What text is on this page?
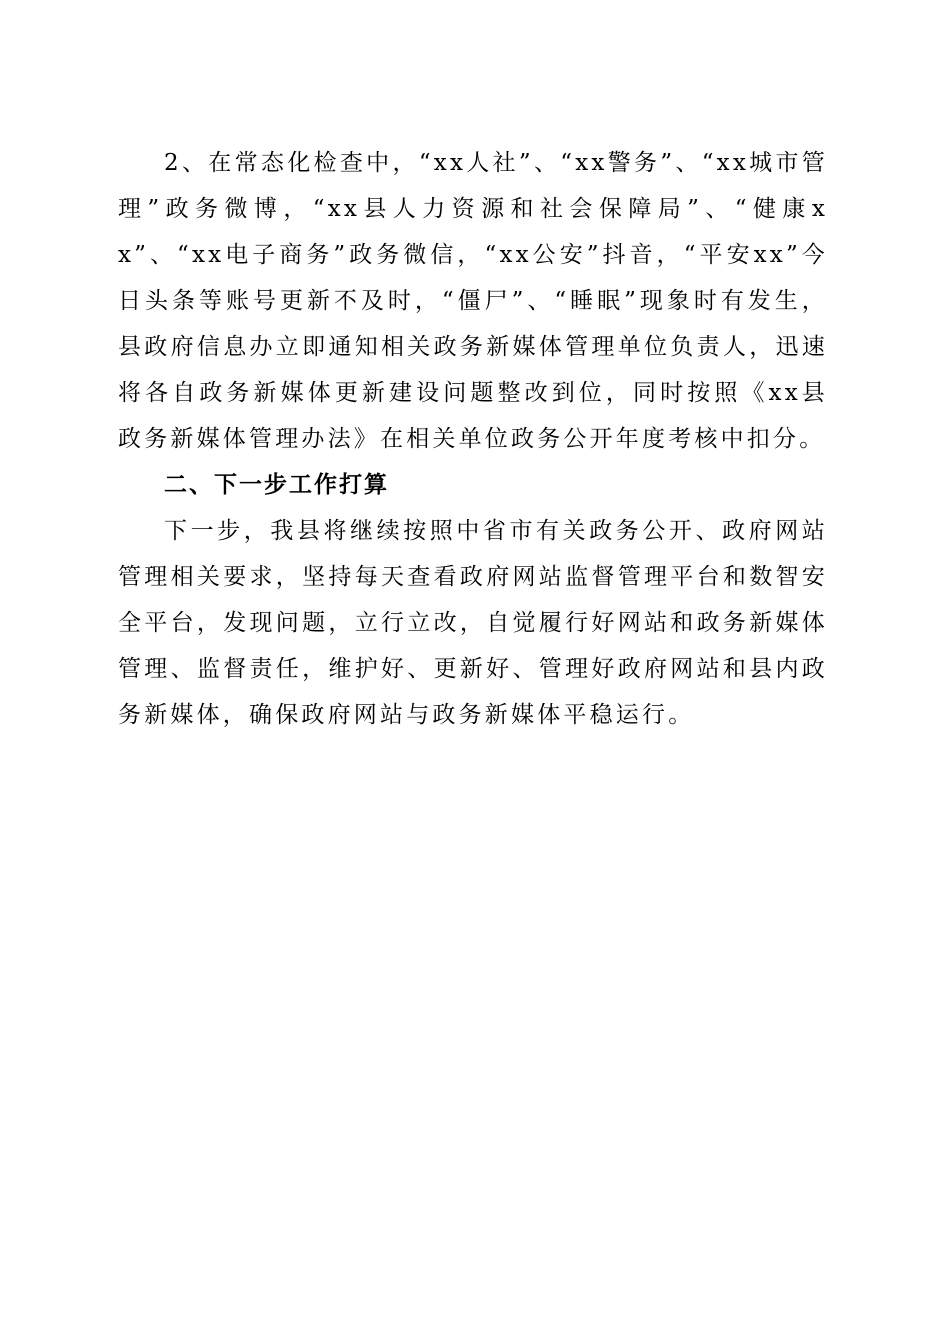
2、在常态化检查中，“xx人社”、“xx警务”、“xx城市管理”政务微博，“xx县人力资源和社会保障局”、“健康xx”、“xx电子商务”政务微信，“xx公安”抖音，“平安xx”今日头条等账号更新不及时，“僵尸”、“睡眠”现象时有发生，县政府信息办立即通知相关政务新媒体管理单位负责人，迅速将各自政务新媒体更新建设问题整改到位，同时按照《xx县政务新媒体管理办法》在相关单位政务公开年度考核中扣分。

二、下一步工作打算

下一步，我县将继续按照中省市有关政务公开、政府网站管理相关要求，坚持每天查看政府网站监督管理平台和数智安全平台，发现问题，立行立改，自觉履行好网站和政务新媒体管理、监督责任，维护好、更新好、管理好政府网站和县内政务新媒体，确保政府网站与政务新媒体平稳运行。
